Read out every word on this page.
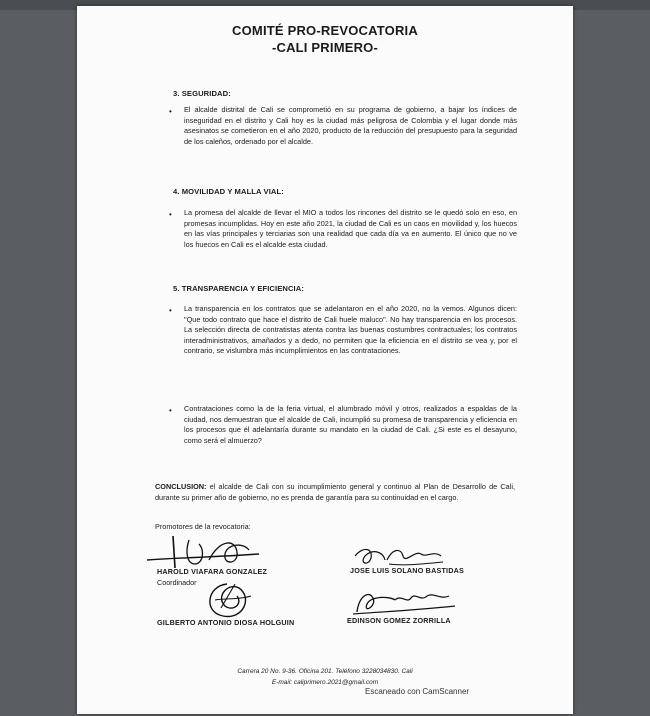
COMITÉ PRO-REVOCATORIA
-CALI PRIMERO-
3. SEGURIDAD:
• El alcalde distrital de Cali se comprometió en su programa de gobierno, a bajar los índices de inseguridad en el distrito y Cali hoy es la ciudad más peligrosa de Colombia y el lugar donde más asesinatos se cometieron en el año 2020, producto de la reducción del presupuesto para la seguridad de los caleños, ordenado por el alcalde.
4. MOVILIDAD Y MALLA VIAL:
• La promesa del alcalde de llevar el MIO a todos los rincones del distrito se le quedó solo en eso, en promesas incumplidas. Hoy en este año 2021, la ciudad de Cali es un caos en movilidad y, los huecos en las vías principales y terciarias son una realidad que cada día va en aumento. El único que no ve los huecos en Cali es el alcalde esta ciudad.
5. TRANSPARENCIA Y EFICIENCIA:
• La transparencia en los contratos que se adelantaron en el año 2020, no la vemos. Algunos dicen: "Que todo contrato que hace el distrito de Cali huele maluco". No hay transparencia en los procesos. La selección directa de contratistas atenta contra las buenas costumbres contractuales; los contratos interadministrativos, amañados y a dedo, no permiten que la eficiencia en el distrito se vea y, por el contrario, se vislumbra más incumplimientos en las contrataciones.
• Contrataciones como la de la feria virtual, el alumbrado móvil y otros, realizados a espaldas de la ciudad, nos demuestran que el alcalde de Cali, incumplió su promesa de transparencia y eficiencia en los procesos que él adelantaría durante su mandato en la ciudad de Cali. ¿Si este es el desayuno, como será el almuerzo?
CONCLUSION: el alcalde de Cali con su incumplimiento general y continuo al Plan de Desarrollo de Cali, durante su primer año de gobierno, no es prenda de garantía para su continuidad en el cargo.
Promotores de la revocatoria:
HAROLD VIAFARA GONZALEZ
Coordinador
JOSE LUIS SOLANO BASTIDAS
GILBERTO ANTONIO DIOSA HOLGUIN	EDINSON GOMEZ ZORRILLA
Carrera 20 No. 9-36. Oficina 201. Teléfono 3228034830. Cali
E-mail: caliprimero.2021@gmail.com
Escaneado con CamScanner
